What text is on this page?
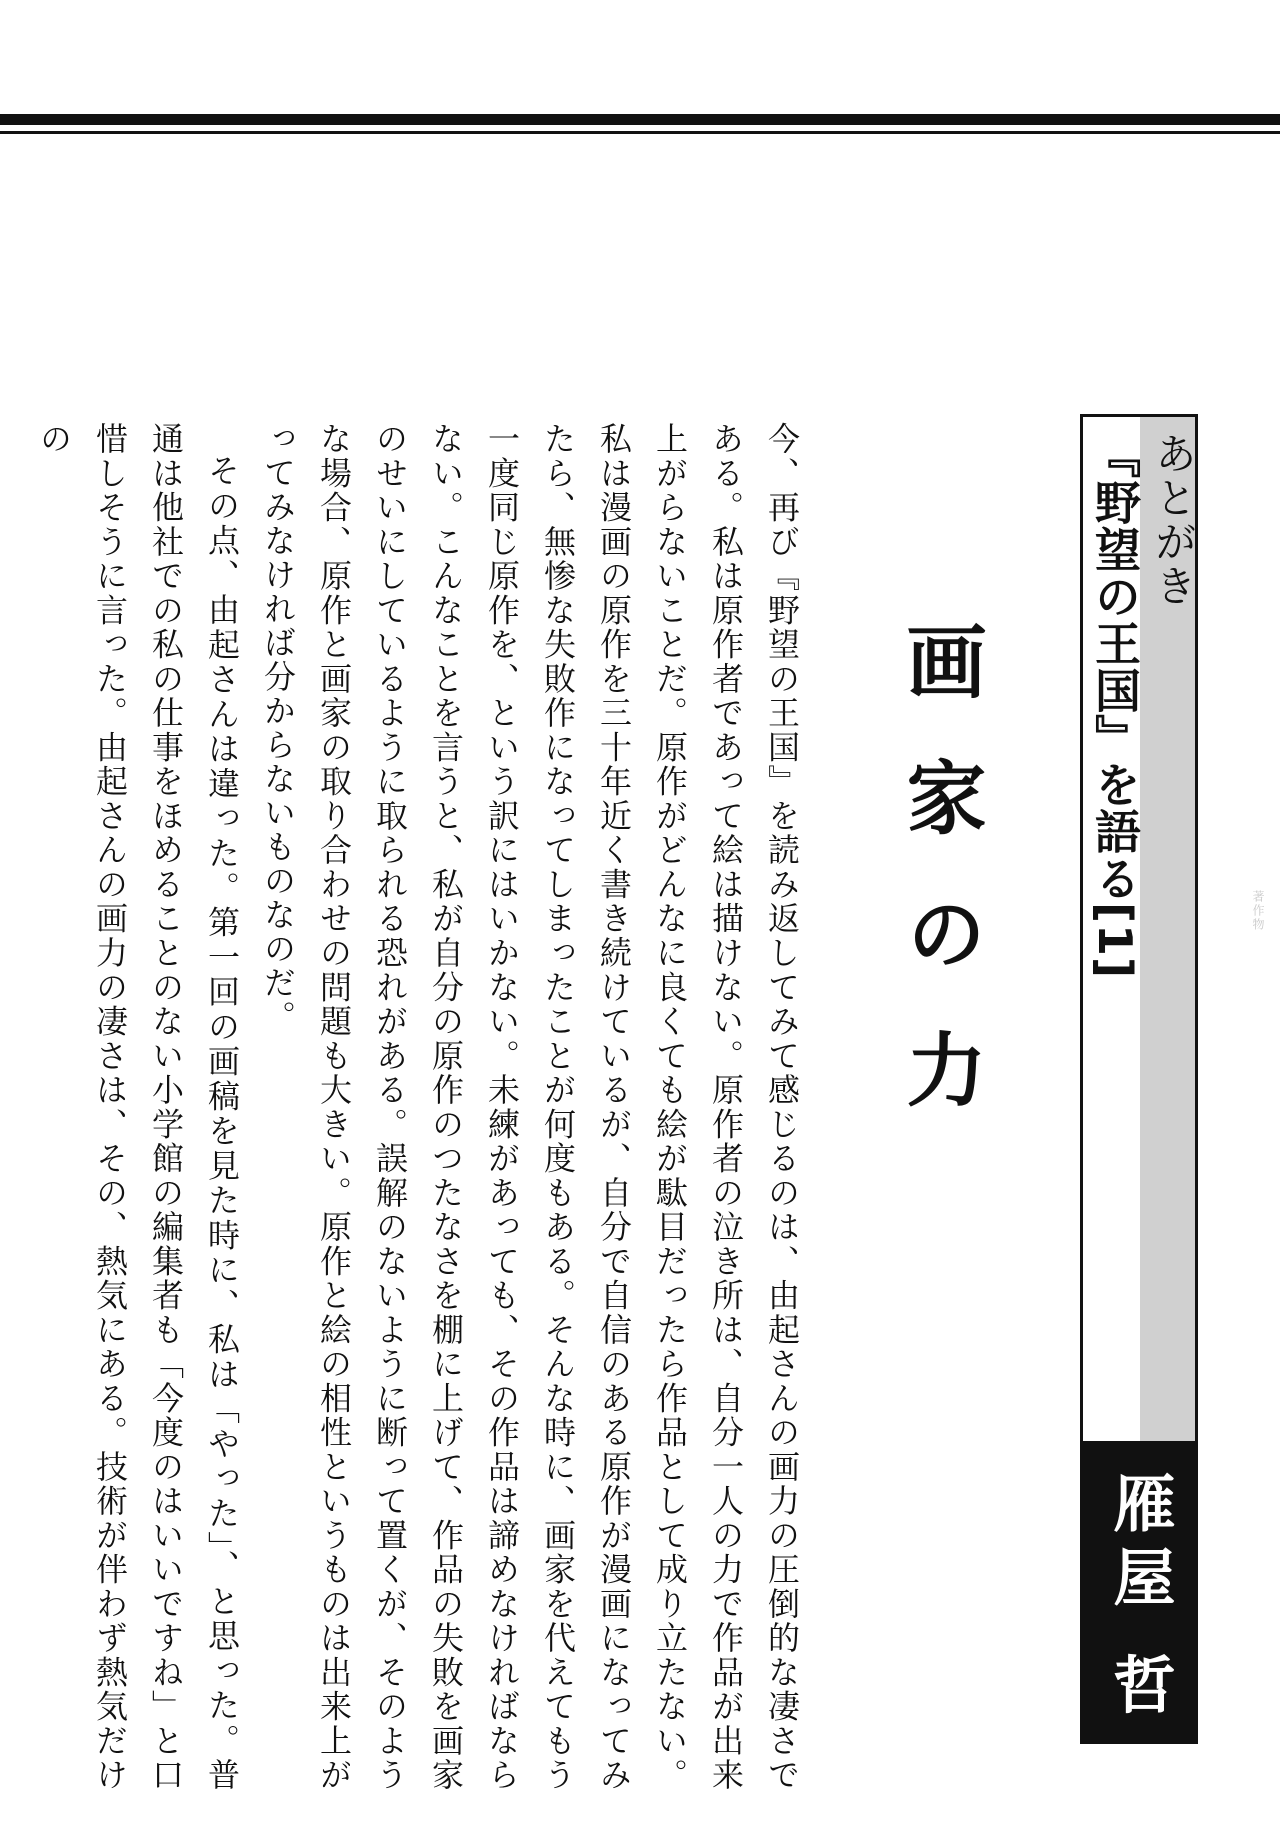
あとがき
『野望の王国』を語る[1]
雁屋 哲
画家の力

今、再び『野望の王国』を読み返してみて感じるのは、由起さんの画力の圧倒的な凄さである。私は原作者であって絵は描けない。原作者の泣き所は、自分一人の力で作品が出来上がらないことだ。原作がどんなに良くても絵が駄目だったら作品として成り立たない。私は漫画の原作を三十年近く書き続けているが、自分で自信のある原作が漫画になってみたら、無惨な失敗作になってしまったことが何度もある。そんな時に、画家を代えてもう一度同じ原作を、という訳にはいかない。未練があっても、その作品は諦めなければならない。こんなことを言うと、私が自分の原作のつたなさを棚に上げて、作品の失敗を画家のせいにしているように取られる恐れがある。誤解のないように断って置くが、そのような場合、原作と画家の取り合わせの問題も大きい。原作と絵の相性というものは出来上がってみなければ分からないものなのだ。

その点、由起さんは違った。第一回の画稿を見た時に、私は「やった」、と思った。普通は他社での私の仕事をほめることのない小学館の編集者も「今度のはいいですね」と口惜しそうに言った。由起さんの画力の凄さは、その、熱気にある。技術が伴わず熱気だけの

著作物
